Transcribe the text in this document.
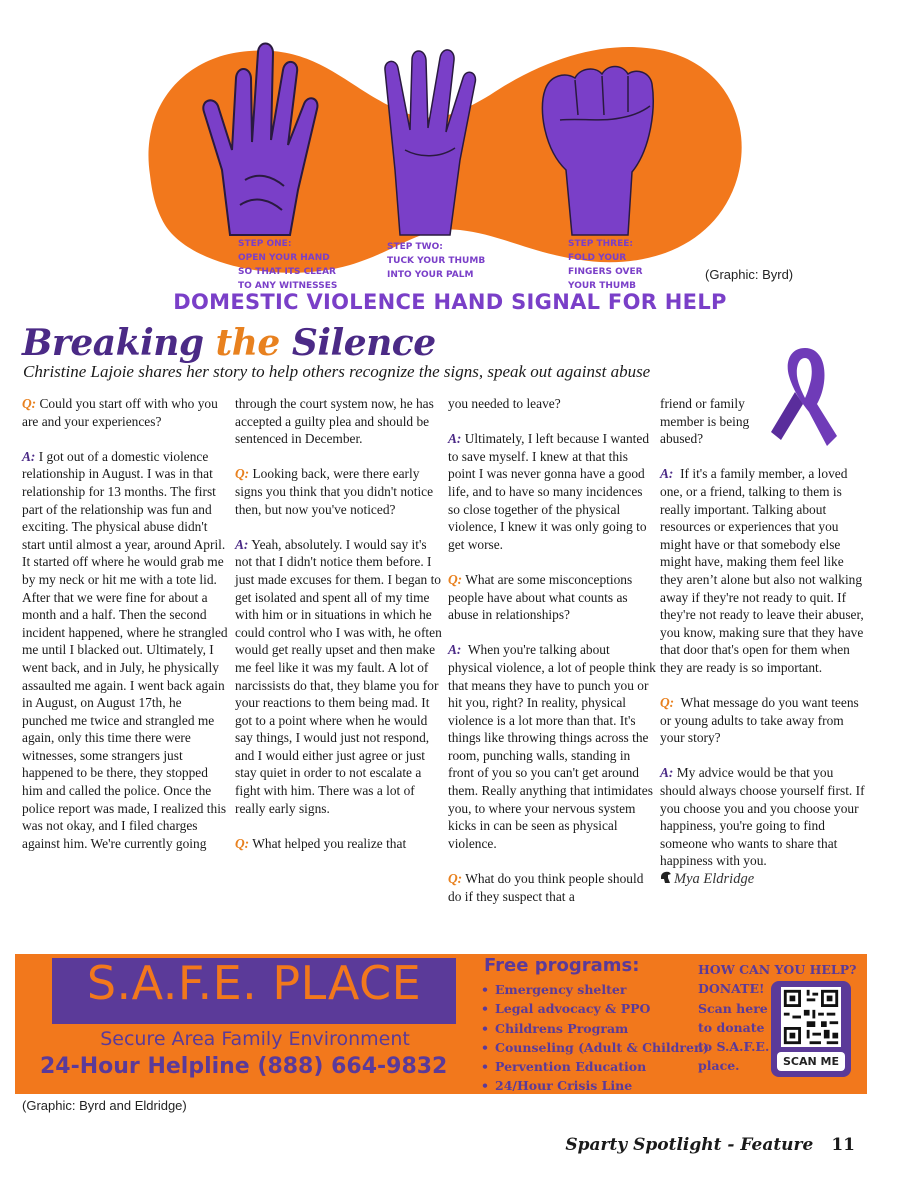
STEP ONE:
OPEN YOUR HAND
SO THAT ITS CLEAR
TO ANY WITNESSES
STEP TWO:
TUCK YOUR THUMB
INTO YOUR PALM
STEP THREE:
FOLD YOUR
FINGERS OVER
YOUR THUMB
(Graphic: Byrd)
DOMESTIC VIOLENCE HAND SIGNAL FOR HELP
Breaking the Silence
Christine Lajoie shares her story to help others recognize the signs, speak out against abuse

Q: Could you start off with who you are and your experiences?

A: I got out of a domestic violence relationship in August. I was in that relationship for 13 months. The first part of the relationship was fun and exciting. The physical abuse didn't start until almost a year, around April. It started off where he would grab me by my neck or hit me with a tote lid. After that we were fine for about a month and a half. Then the second incident happened, where he strangled me until I blacked out. Ultimately, I went back, and in July, he physically assaulted me again. I went back again in August, on August 17th, he punched me twice and strangled me again, only this time there were witnesses, some strangers just happened to be there, they stopped him and called the police. Once the police report was made, I realized this was not okay, and I filed charges against him. We're currently going

through the court system now, he has accepted a guilty plea and should be sentenced in December.

Q: Looking back, were there early signs you think that you didn't notice then, but now you've noticed?

A: Yeah, absolutely. I would say it's not that I didn't notice them before. I just made excuses for them. I began to get isolated and spent all of my time with him or in situations in which he could control who I was with, he often would get really upset and then make me feel like it was my fault. A lot of narcissists do that, they blame you for your reactions to them being mad. It got to a point where when he would say things, I would just not respond, and I would either just agree or just stay quiet in order to not escalate a fight with him. There was a lot of really early signs.

Q: What helped you realize that

you needed to leave?

A: Ultimately, I left because I wanted to save myself. I knew at that this point I was never gonna have a good life, and to have so many incidences so close together of the physical violence, I knew it was only going to get worse.

Q: What are some misconceptions people have about what counts as abuse in relationships?

A: When you're talking about physical violence, a lot of people think that means they have to punch you or hit you, right? In reality, physical violence is a lot more than that. It's things like throwing things across the room, punching walls, standing in front of you so you can't get around them. Really anything that intimidates you, to where your nervous system kicks in can be seen as physical violence.

Q: What do you think people should do if they suspect that a

friend or family member is being abused?

A: If it's a family member, a loved one, or a friend, talking to them is really important. Talking about resources or experiences that you might have or that somebody else might have, making them feel like they aren’t alone but also not walking away if they're not ready to quit. If they're not ready to leave their abuser, you know, making sure that they have that door that's open for them when they are ready is so important.

Q: What message do you want teens or young adults to take away from your story?

A: My advice would be that you should always choose yourself first. If you choose you and you choose your happiness, you're going to find someone who wants to share that happiness with you.

Mya Eldridge
S.A.F.E. PLACE
Secure Area Family Environment
24-Hour Helpline (888) 664-9832
Free programs:
• Emergency shelter
• Legal advocacy & PPO
• Childrens Program
• Counseling (Adult & Children)
• Pervention Education
• 24/Hour Crisis Line
HOW CAN YOU HELP?
DONATE!
Scan here
to donate
to S.A.F.E.
place.	SCAN ME
(Graphic: Byrd and Eldridge)
Sparty Spotlight - Feature 11
